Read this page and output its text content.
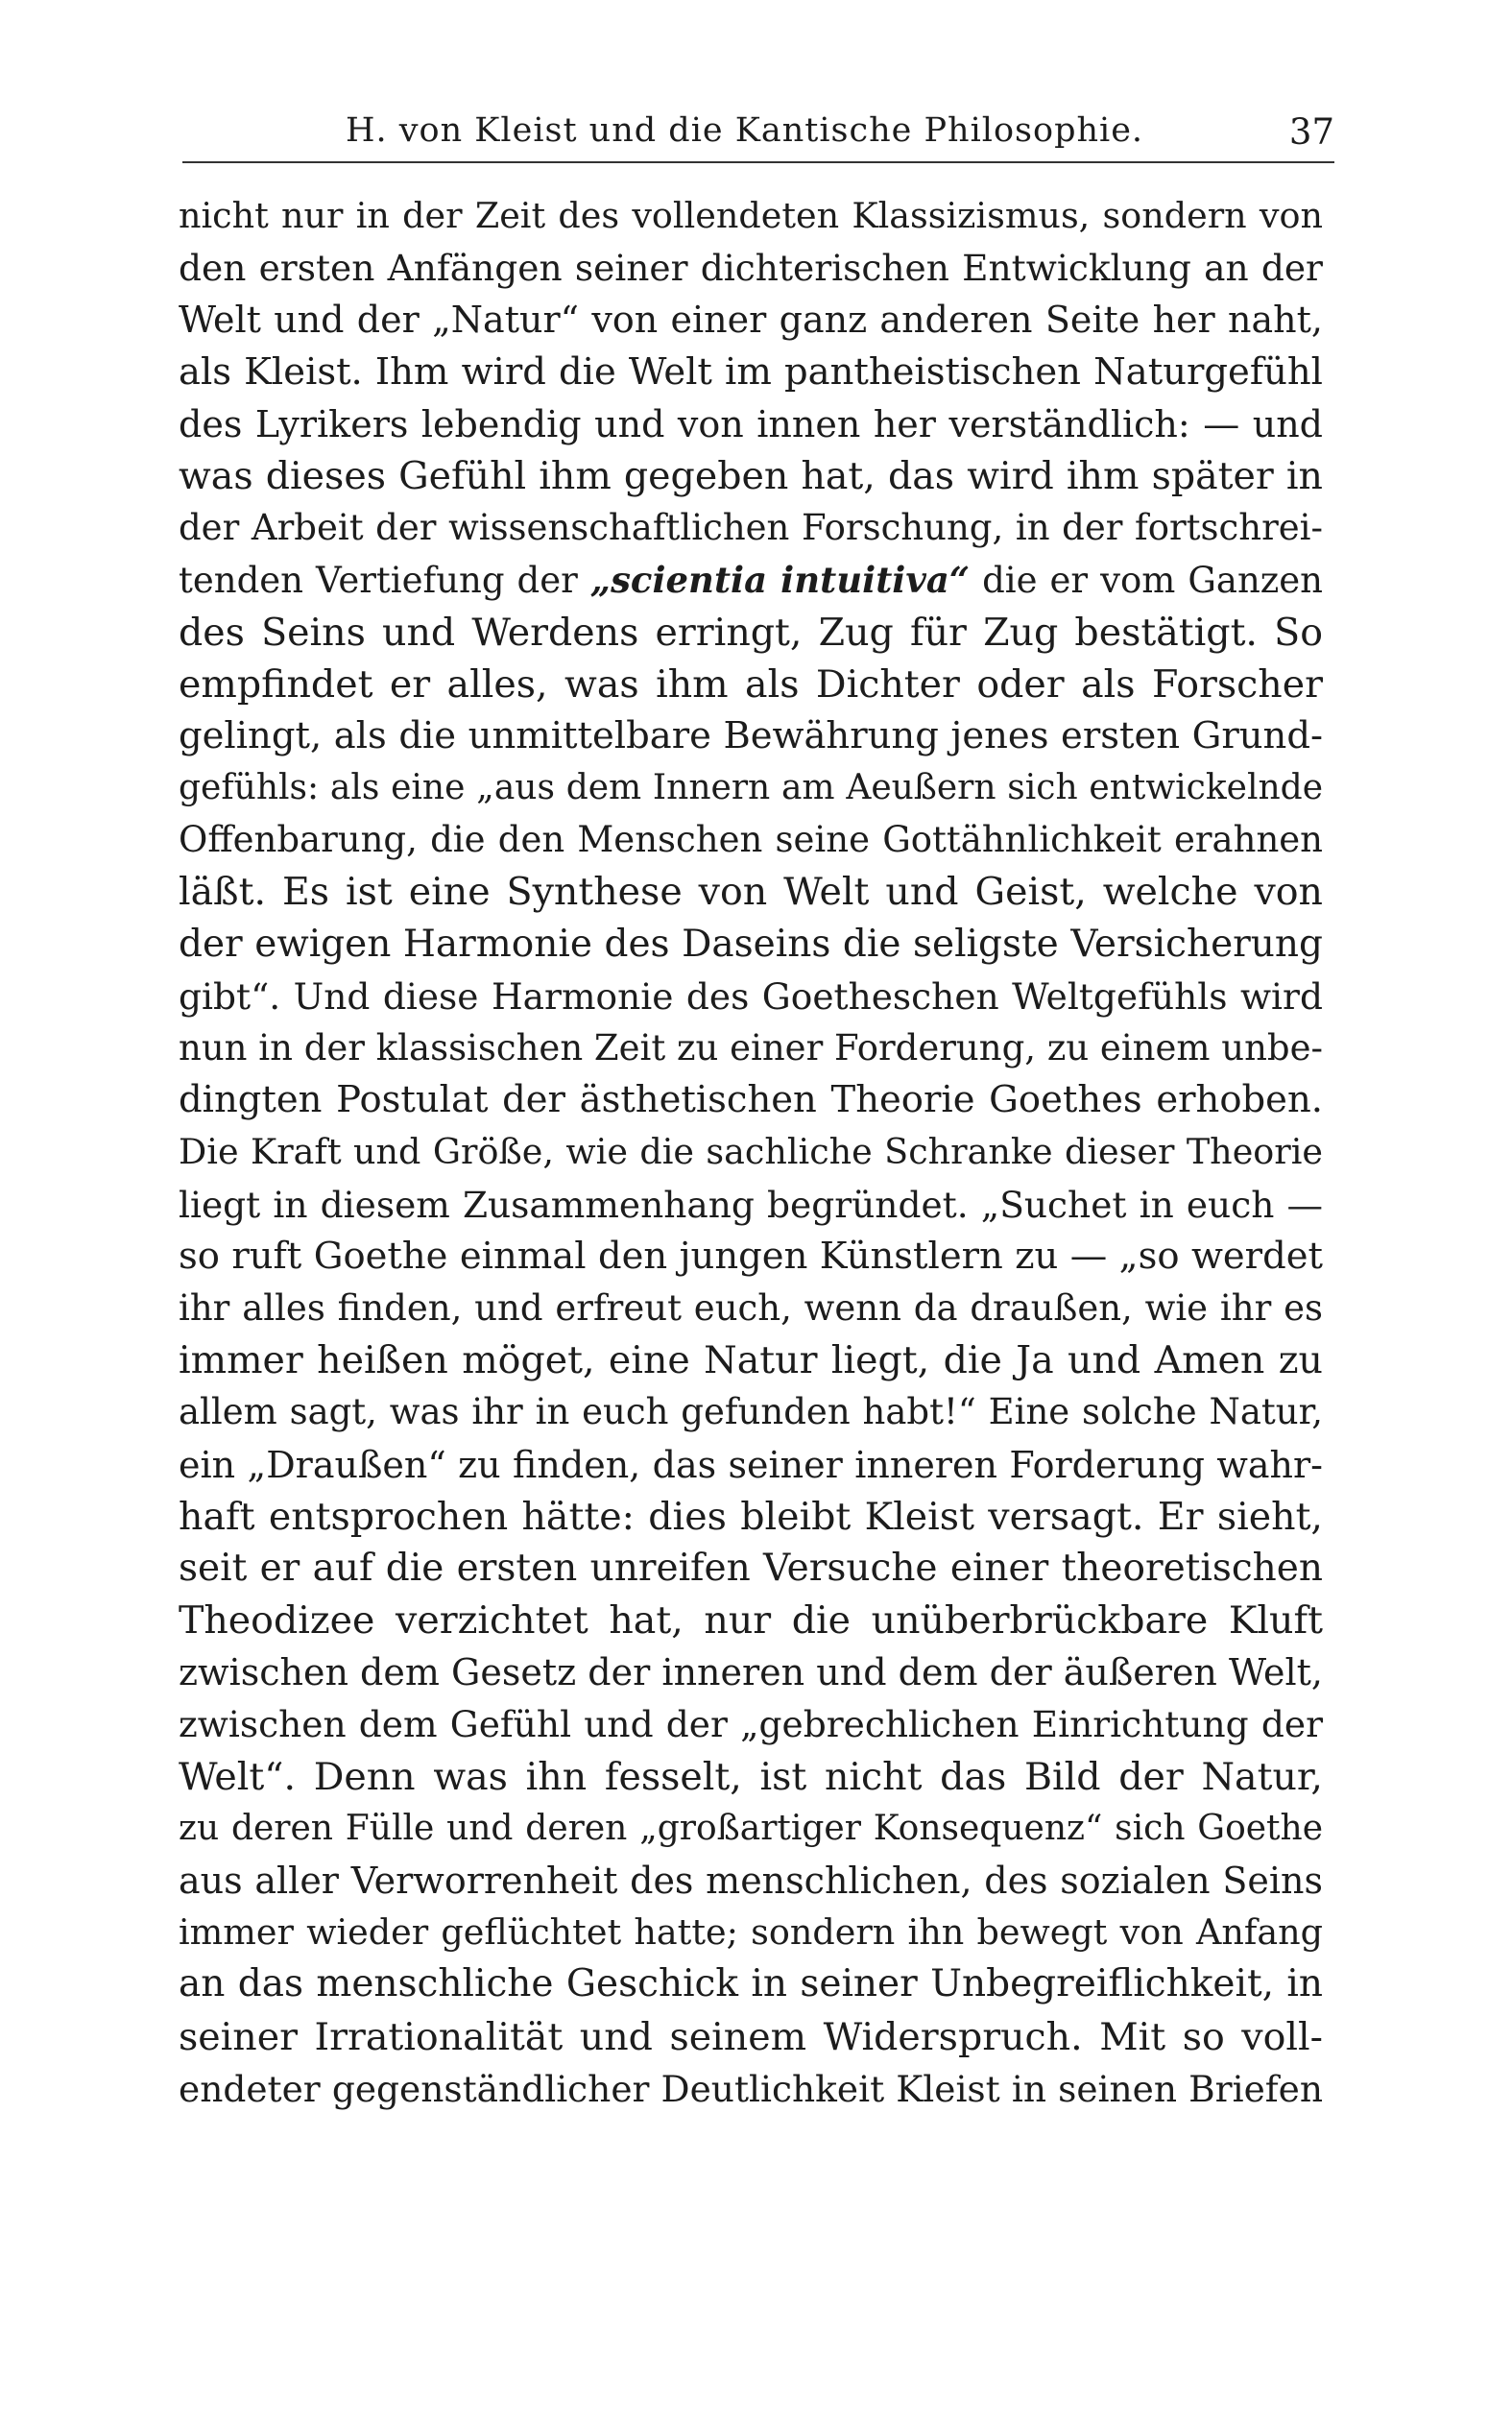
H. von Kleist und die Kantische Philosophie.	37
nicht nur in der Zeit des vollendeten Klassizismus, sondern von
den ersten Anfängen seiner dichterischen Entwicklung an der
Welt und der „Natur“ von einer ganz anderen Seite her naht,
als Kleist. Ihm wird die Welt im pantheistischen Naturgefühl
des Lyrikers lebendig und von innen her verständlich: — und
was dieses Gefühl ihm gegeben hat, das wird ihm später in
der Arbeit der wissenschaftlichen Forschung, in der fortschrei-
tenden Vertiefung der „scientia intuitiva“ die er vom Ganzen
des Seins und Werdens erringt, Zug für Zug bestätigt. So
empfindet er alles, was ihm als Dichter oder als Forscher
gelingt, als die unmittelbare Bewährung jenes ersten Grund-
gefühls: als eine „aus dem Innern am Aeußern sich entwickelnde
Offenbarung, die den Menschen seine Gottähnlichkeit erahnen
läßt. Es ist eine Synthese von Welt und Geist, welche von
der ewigen Harmonie des Daseins die seligste Versicherung
gibt“. Und diese Harmonie des Goetheschen Weltgefühls wird
nun in der klassischen Zeit zu einer Forderung, zu einem unbe-
dingten Postulat der ästhetischen Theorie Goethes erhoben.
Die Kraft und Größe, wie die sachliche Schranke dieser Theorie
liegt in diesem Zusammenhang begründet. „Suchet in euch —
so ruft Goethe einmal den jungen Künstlern zu — „so werdet
ihr alles finden, und erfreut euch, wenn da draußen, wie ihr es
immer heißen möget, eine Natur liegt, die Ja und Amen zu
allem sagt, was ihr in euch gefunden habt!“ Eine solche Natur,
ein „Draußen“ zu finden, das seiner inneren Forderung wahr-
haft entsprochen hätte: dies bleibt Kleist versagt. Er sieht,
seit er auf die ersten unreifen Versuche einer theoretischen
Theodizee verzichtet hat, nur die unüberbrückbare Kluft
zwischen dem Gesetz der inneren und dem der äußeren Welt,
zwischen dem Gefühl und der „gebrechlichen Einrichtung der
Welt“. Denn was ihn fesselt, ist nicht das Bild der Natur,
zu deren Fülle und deren „großartiger Konsequenz“ sich Goethe
aus aller Verworrenheit des menschlichen, des sozialen Seins
immer wieder geflüchtet hatte; sondern ihn bewegt von Anfang
an das menschliche Geschick in seiner Unbegreiflichkeit, in
seiner Irrationalität und seinem Widerspruch. Mit so voll-
endeter gegenständlicher Deutlichkeit Kleist in seinen Briefen
